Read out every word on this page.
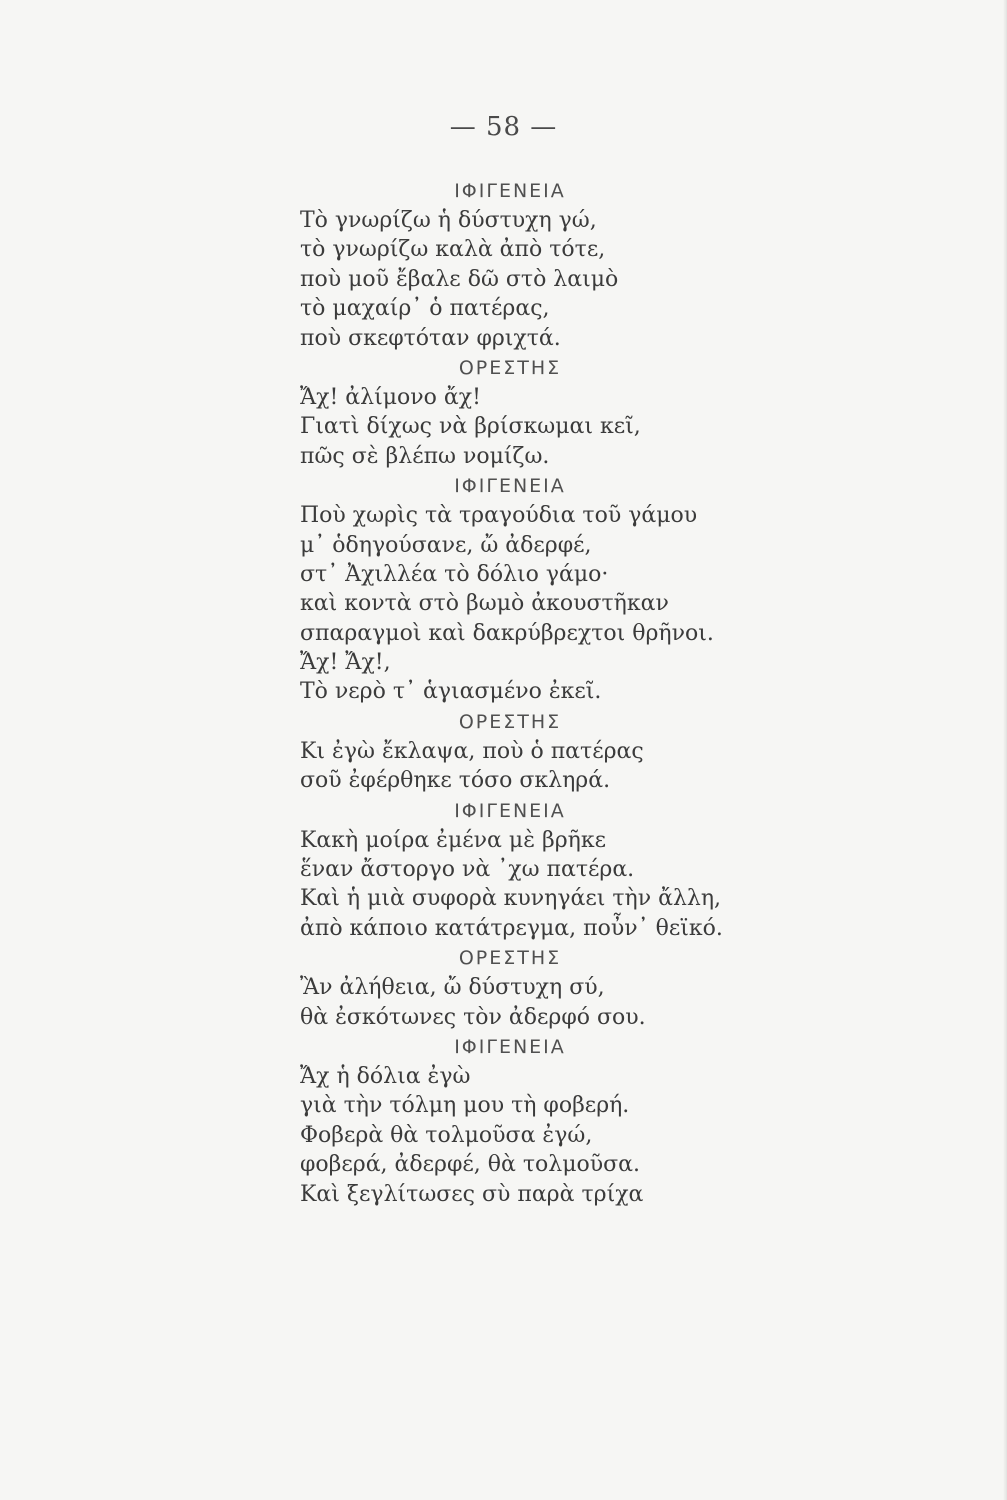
— 58 —
ΙΦΙΓΕΝΕΙΑ
Τὸ γνωρίζω ἡ δύστυχη γώ,
τὸ γνωρίζω καλὰ ἀπὸ τότε,
ποὺ μοῦ ἔβαλε δῶ στὸ λαιμὸ
τὸ μαχαίρ᾿ ὁ πατέρας,
ποὺ σκεφτόταν φριχτά.
ΟΡΕΣΤΗΣ
Ἄχ! ἀλίμονο ἄχ!
Γιατὶ δίχως νὰ βρίσκωμαι κεῖ,
πῶς σὲ βλέπω νομίζω.
ΙΦΙΓΕΝΕΙΑ
Ποὺ χωρὶς τὰ τραγούδια τοῦ γάμου
μ᾿ ὁδηγούσανε, ὤ ἀδερφέ,
στ᾿ Ἀχιλλέα τὸ δόλιο γάμο·
καὶ κοντὰ στὸ βωμὸ ἀκουστῆκαν
σπαραγμοὶ καὶ δακρύβρεχτοι θρῆνοι.
Ἄχ! Ἄχ!,
Τὸ νερὸ τ᾿ ἁγιασμένο ἐκεῖ.
ΟΡΕΣΤΗΣ
Κι ἐγὼ ἔκλαψα, ποὺ ὁ πατέρας
σοῦ ἐφέρθηκε τόσο σκληρά.
ΙΦΙΓΕΝΕΙΑ
Κακὴ μοίρα ἐμένα μὲ βρῆκε
ἕναν ἄστοργο νὰ ᾿χω πατέρα.
Καὶ ἡ μιὰ συφορὰ κυνηγάει τὴν ἄλλη,
ἀπὸ κάποιο κατάτρεγμα, ποὖν᾿ θεϊκό.
ΟΡΕΣΤΗΣ
Ἂν ἀλήθεια, ὤ δύστυχη σύ,
θὰ ἐσκότωνες τὸν ἀδερφό σου.
ΙΦΙΓΕΝΕΙΑ
Ἄχ ἡ δόλια ἐγὼ
γιὰ τὴν τόλμη μου τὴ φοβερή.
Φοβερὰ θὰ τολμοῦσα ἐγώ,
φοβερά, ἀδερφέ, θὰ τολμοῦσα.
Καὶ ξεγλίτωσες σὺ παρὰ τρίχα
